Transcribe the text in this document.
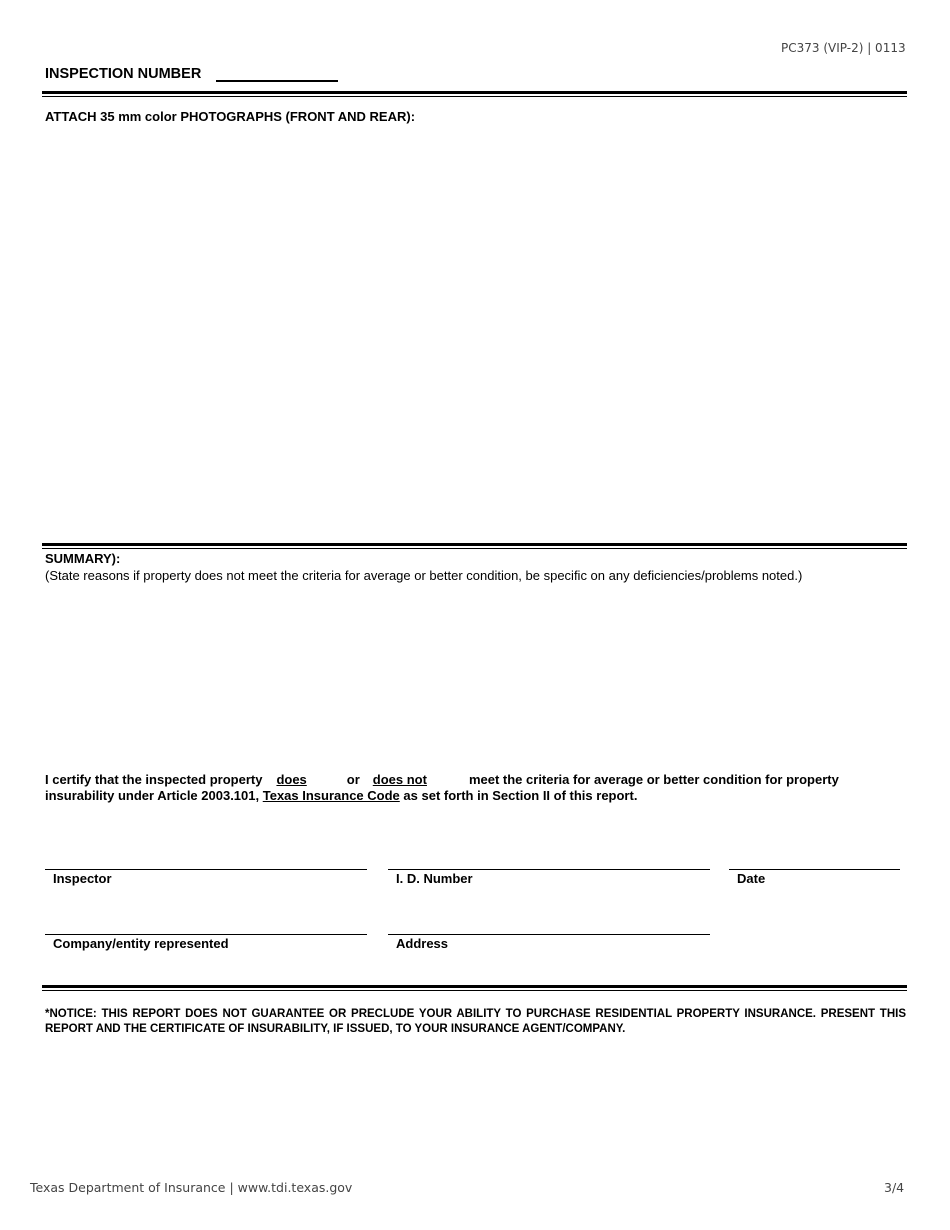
PC373 (VIP-2) | 0113
INSPECTION NUMBER
ATTACH 35 mm color PHOTOGRAPHS (FRONT AND REAR):
SUMMARY):
(State reasons if property does not meet the criteria for average or better condition, be specific on any deficiencies/problems noted.)
I certify that the inspected property does	or does not	meet the criteria for average or better condition for property
insurability under Article 2003.101, Texas Insurance Code as set forth in Section II of this report.
Inspector	I. D. Number	Date
Company/entity represented	Address
*NOTICE: THIS REPORT DOES NOT GUARANTEE OR PRECLUDE YOUR ABILITY TO PURCHASE RESIDENTIAL PROPERTY INSURANCE. PRESENT THIS REPORT AND THE CERTIFICATE OF INSURABILITY, IF ISSUED, TO YOUR INSURANCE AGENT/COMPANY.
Texas Department of Insurance | www.tdi.texas.gov	3/4
